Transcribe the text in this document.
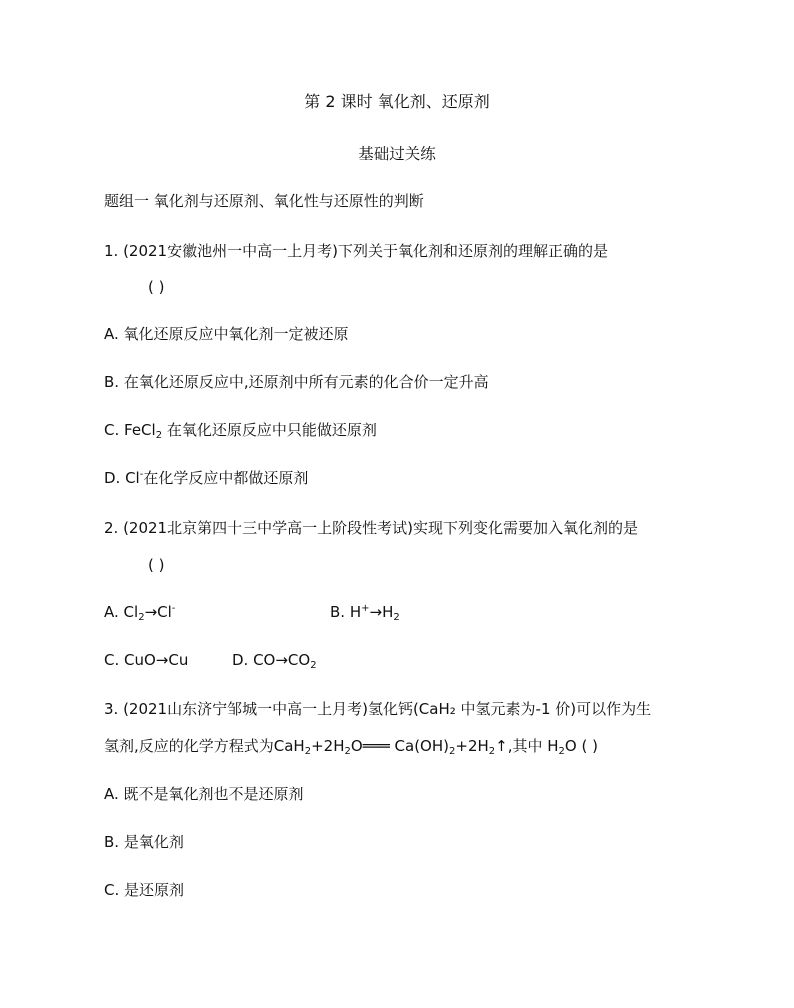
第 2 课时 氧化剂、还原剂
基础过关练
题组一 氧化剂与还原剂、氧化性与还原性的判断
1. (2021安徽池州一中高一上月考)下列关于氧化剂和还原剂的理解正确的是
( )
A. 氧化还原反应中氧化剂一定被还原
B. 在氧化还原反应中,还原剂中所有元素的化合价一定升高
C. FeCl$_2$ 在氧化还原反应中只能做还原剂
D. Cl-在化学反应中都做还原剂
2. (2021北京第四十三中学高一上阶段性考试)实现下列变化需要加入氧化剂的是
( )
A. $Cl_2\to Cl^-$	B. $H^+\to H_2$
C. CuO→Cu	D. $CO\to CO_2$
3. (2021山东济宁邹城一中高一上月考)氢化钙(CaH₂ 中氢元素为-1 价)可以作为生
氢剂,反应的化学方程式为$CaH_2+2H_2O═══$ $Ca(OH)_2+2H_2↑$,其中 $H_2O$ ( )
A. 既不是氧化剂也不是还原剂
B. 是氧化剂
C. 是还原剂
